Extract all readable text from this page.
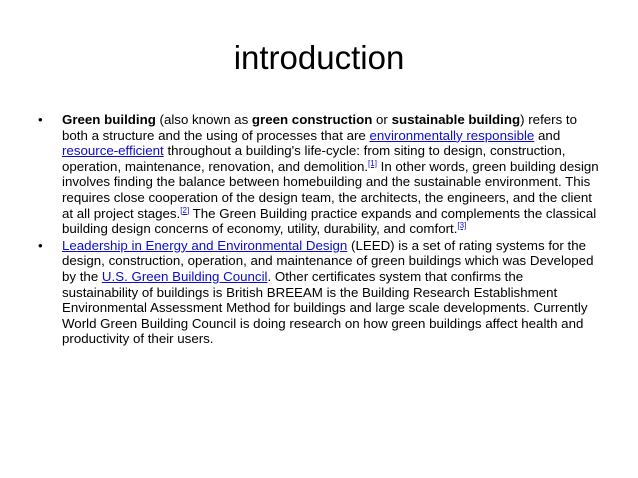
introduction
• Green building (also known as green construction or sustainable building) refers to both a structure and the using of processes that are environmentally responsible and resource-efficient throughout a building's life-cycle: from siting to design, construction, operation, maintenance, renovation, and demolition.[1] In other words, green building design involves finding the balance between homebuilding and the sustainable environment. This requires close cooperation of the design team, the architects, the engineers, and the client at all project stages.[2] The Green Building practice expands and complements the classical building design concerns of economy, utility, durability, and comfort.[3]
• Leadership in Energy and Environmental Design (LEED) is a set of rating systems for the design, construction, operation, and maintenance of green buildings which was Developed by the U.S. Green Building Council. Other certificates system that confirms the sustainability of buildings is British BREEAM is the Building Research Establishment Environmental Assessment Method for buildings and large scale developments. Currently World Green Building Council is doing research on how green buildings affect health and productivity of their users.
